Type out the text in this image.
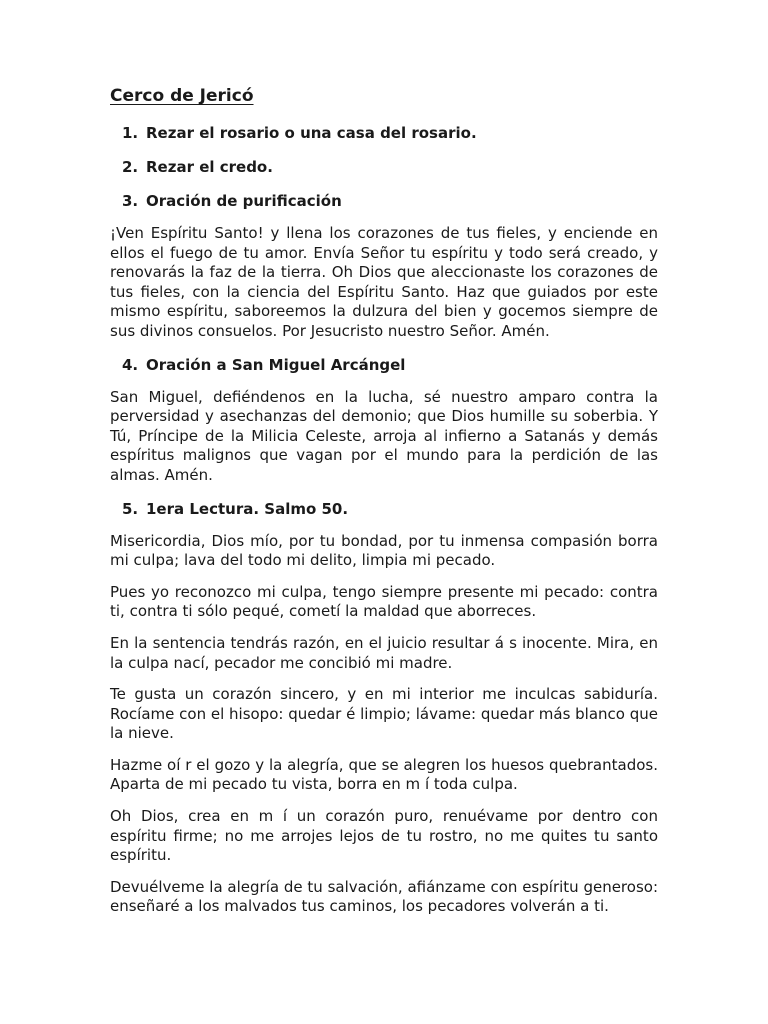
Cerco de Jericó
1. Rezar el rosario o una casa del rosario.
2. Rezar el credo.
3. Oración de purificación

¡Ven Espíritu Santo! y llena los corazones de tus fieles, y enciende en ellos el fuego de tu amor. Envía Señor tu espíritu y todo será creado, y renovarás la faz de la tierra. Oh Dios que aleccionaste los corazones de tus fieles, con la ciencia del Espíritu Santo. Haz que guiados por este mismo espíritu, saboreemos la dulzura del bien y gocemos siempre de sus divinos consuelos. Por Jesucristo nuestro Señor. Amén.

4. Oración a San Miguel Arcángel

San Miguel, defiéndenos en la lucha, sé nuestro amparo contra la perversidad y asechanzas del demonio; que Dios humille su soberbia. Y Tú, Príncipe de la Milicia Celeste, arroja al infierno a Satanás y demás espíritus malignos que vagan por el mundo para la perdición de las almas. Amén.

5. 1era Lectura. Salmo 50.

Misericordia, Dios mío, por tu bondad, por tu inmensa compasión borra mi culpa; lava del todo mi delito, limpia mi pecado.

Pues yo reconozco mi culpa, tengo siempre presente mi pecado: contra ti, contra ti sólo pequé, cometí la maldad que aborreces.

En la sentencia tendrás razón, en el juicio resultar á s inocente. Mira, en la culpa nací, pecador me concibió mi madre.

Te gusta un corazón sincero, y en mi interior me inculcas sabiduría. Rocíame con el hisopo: quedar é limpio; lávame: quedar más blanco que la nieve.

Hazme oí r el gozo y la alegría, que se alegren los huesos quebrantados. Aparta de mi pecado tu vista, borra en m í toda culpa.

Oh Dios, crea en m í un corazón puro, renuévame por dentro con espíritu firme; no me arrojes lejos de tu rostro, no me quites tu santo espíritu.

Devuélveme la alegría de tu salvación, afiánzame con espíritu generoso: enseñaré a los malvados tus caminos, los pecadores volverán a ti.
